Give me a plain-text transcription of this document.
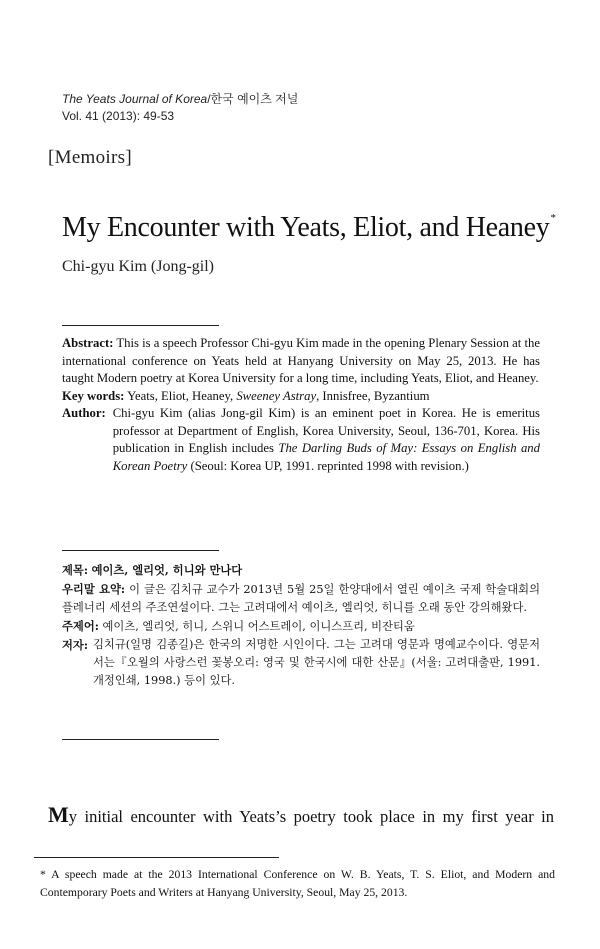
The Yeats Journal of Korea/한국 예이츠 저널
Vol. 41 (2013): 49-53
[Memoirs]
My Encounter with Yeats, Eliot, and Heaney*
Chi-gyu Kim (Jong-gil)
Abstract: This is a speech Professor Chi-gyu Kim made in the opening Plenary Session at the international conference on Yeats held at Hanyang University on May 25, 2013. He has taught Modern poetry at Korea University for a long time, including Yeats, Eliot, and Heaney.
Key words: Yeats, Eliot, Heaney, Sweeney Astray, Innisfree, Byzantium
Author: Chi-gyu Kim (alias Jong-gil Kim) is an eminent poet in Korea. He is emeritus professor at Department of English, Korea University, Seoul, 136-701, Korea. His publication in English includes The Darling Buds of May: Essays on English and Korean Poetry (Seoul: Korea UP, 1991. reprinted 1998 with revision.)
제목: 예이츠, 엘리엇, 히니와 만나다
우리말 요약: 이 글은 김치규 교수가 2013년 5월 25일 한양대에서 열린 예이츠 국제 학술대회의 플레너리 세션의 주조연설이다. 그는 고려대에서 예이츠, 엘리엇, 히니를 오래 동안 강의해왔다.
주제어: 예이츠, 엘리엇, 히니, 스위니 어스트레이, 이니스프리, 비잔티움
저자: 김치규(일명 김종길)은 한국의 저명한 시인이다. 그는 고려대 영문과 명예교수이다. 영문저서는『오월의 사랑스런 꽃봉오리: 영국 및 한국시에 대한 산문』(서울: 고려대출판, 1991. 개정인쇄, 1998.) 등이 있다.
My initial encounter with Yeats’s poetry took place in my first year in
* A speech made at the 2013 International Conference on W. B. Yeats, T. S. Eliot, and Modern and Contemporary Poets and Writers at Hanyang University, Seoul, May 25, 2013.
